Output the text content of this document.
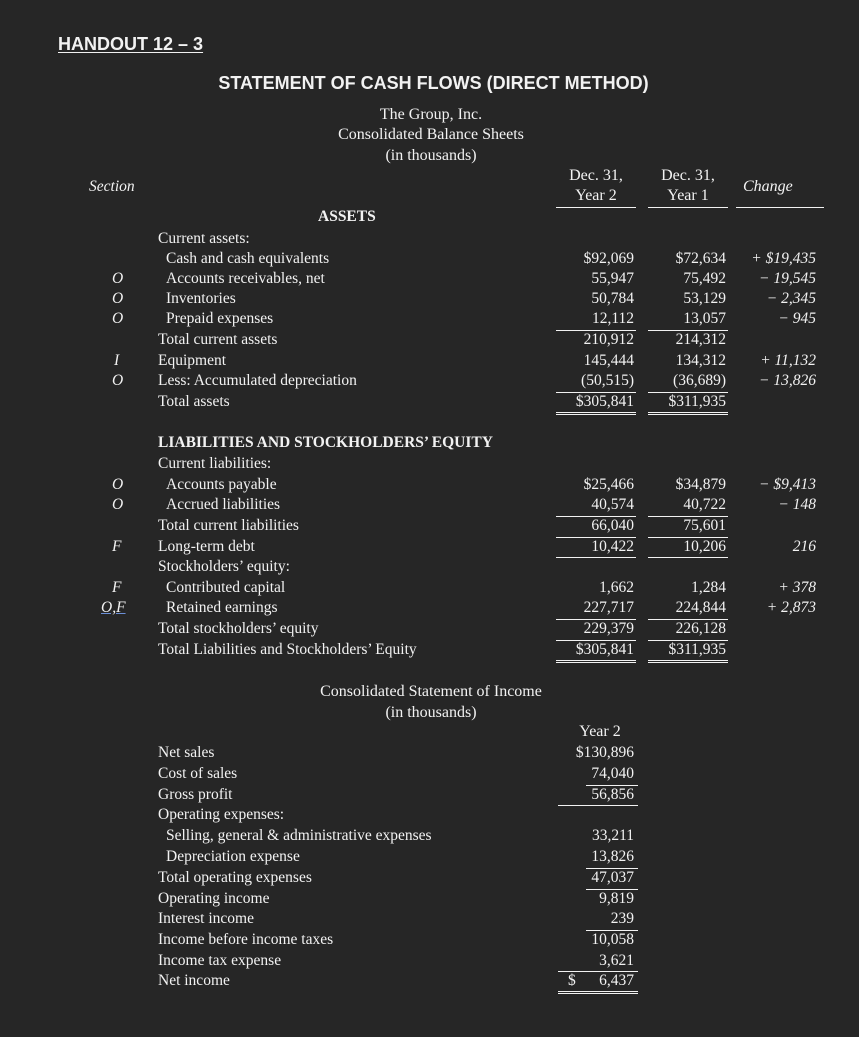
HANDOUT 12 – 3
STATEMENT OF CASH FLOWS (DIRECT METHOD)
The Group, Inc.
Consolidated Balance Sheets
(in thousands)
Section
Dec. 31,
Year 2
Dec. 31,
Year 1
Change
ASSETS
Current assets:
Cash and cash equivalents	$92,069	$72,634	+ $19,435
O	Accounts receivables, net	55,947	75,492	− 19,545
O	Inventories	50,784	53,129	− 2,345
O	Prepaid expenses	12,112	13,057	− 945
Total current assets	210,912	214,312
I	Equipment	145,444	134,312	+ 11,132
O Less: Accumulated depreciation	(50,515)	(36,689)	− 13,826
Total assets	$305,841	$311,935
LIABILITIES AND STOCKHOLDERS’ EQUITY
Current liabilities:
O	Accounts payable	$25,466	$34,879	− $9,413
O	Accrued liabilities	40,574	40,722	− 148
Total current liabilities	66,040	75,601
F Long-term debt	10,422	10,206	216
Stockholders’ equity:
F	Contributed capital	1,662	1,284	+ 378
O,F	Retained earnings	227,717	224,844	+ 2,873
Total stockholders’ equity	229,379	226,128
Total Liabilities and Stockholders’ Equity	$305,841	$311,935
Consolidated Statement of Income
(in thousands)
Year 2
Net sales	$130,896
Cost of sales	74,040
Gross profit	56,856
Operating expenses:
Selling, general & administrative expenses	33,211
Depreciation expense	13,826
Total operating expenses	47,037
Operating income	9,819
Interest income	239
Income before income taxes	10,058
Income tax expense	3,621
Net income	$	6,437
